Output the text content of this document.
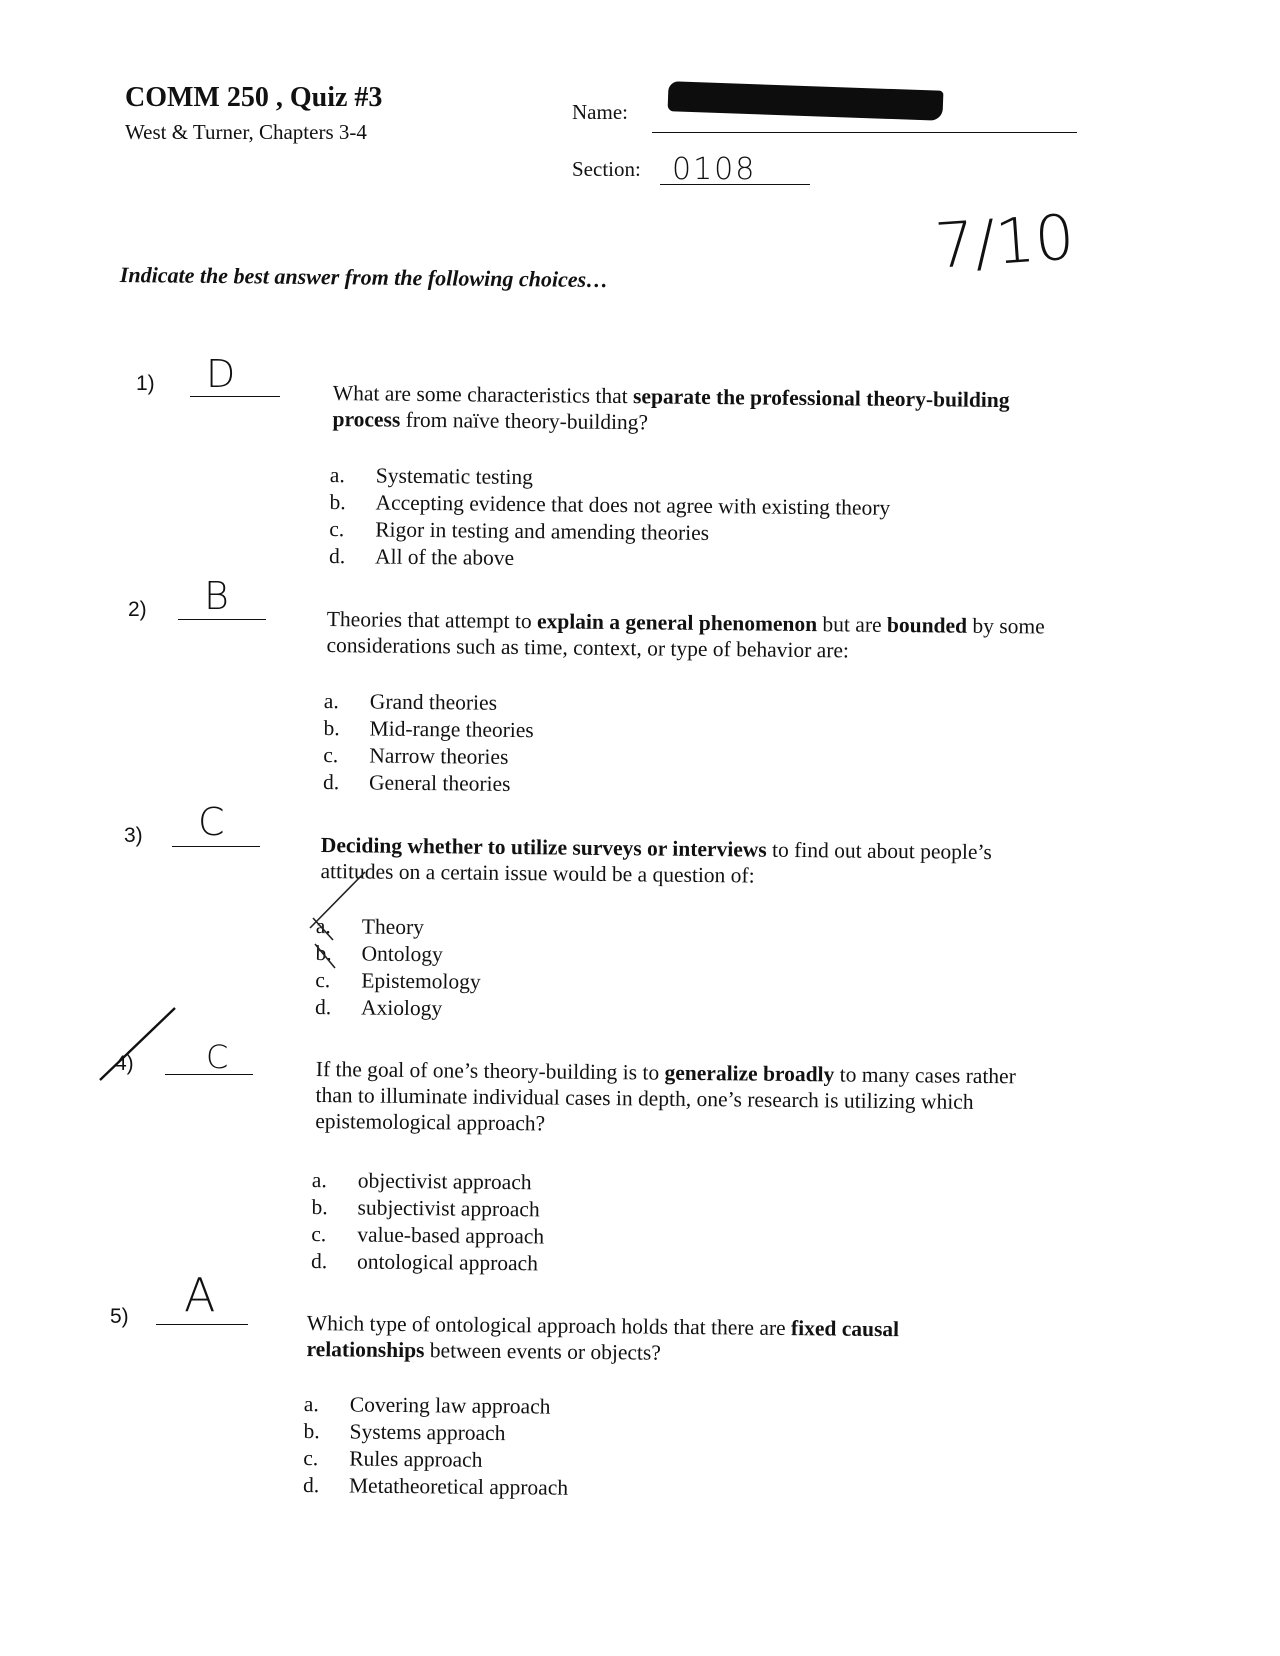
COMM 250 , Quiz #3
West & Turner, Chapters 3-4
Name:
Section: 0108
7/10
Indicate the best answer from the following choices…
1) D	What are some characteristics that separate the professional theory-building process from naïve theory-building?
a.	Systematic testing
b.	Accepting evidence that does not agree with existing theory
c.	Rigor in testing and amending theories
d.	All of the above
2) B
Theories that attempt to explain a general phenomenon but are bounded by some considerations such as time, context, or type of behavior are:
a.	Grand theories
b.	Mid-range theories
c.	Narrow theories
d.	General theories
3) C
Deciding whether to utilize surveys or interviews to find out about people’s attitudes on a certain issue would be a question of:
a.	Theory
b.	Ontology
c.	Epistemology
d.	Axiology
4) C	If the goal of one’s theory-building is to generalize broadly to many cases rather than to illuminate individual cases in depth, one’s research is utilizing which epistemological approach?
a.	objectivist approach
b.	subjectivist approach
c.	value-based approach
d.	ontological approach
5) A
Which type of ontological approach holds that there are fixed causal relationships between events or objects?
a.	Covering law approach
b.	Systems approach
c.	Rules approach
d.	Metatheoretical approach
